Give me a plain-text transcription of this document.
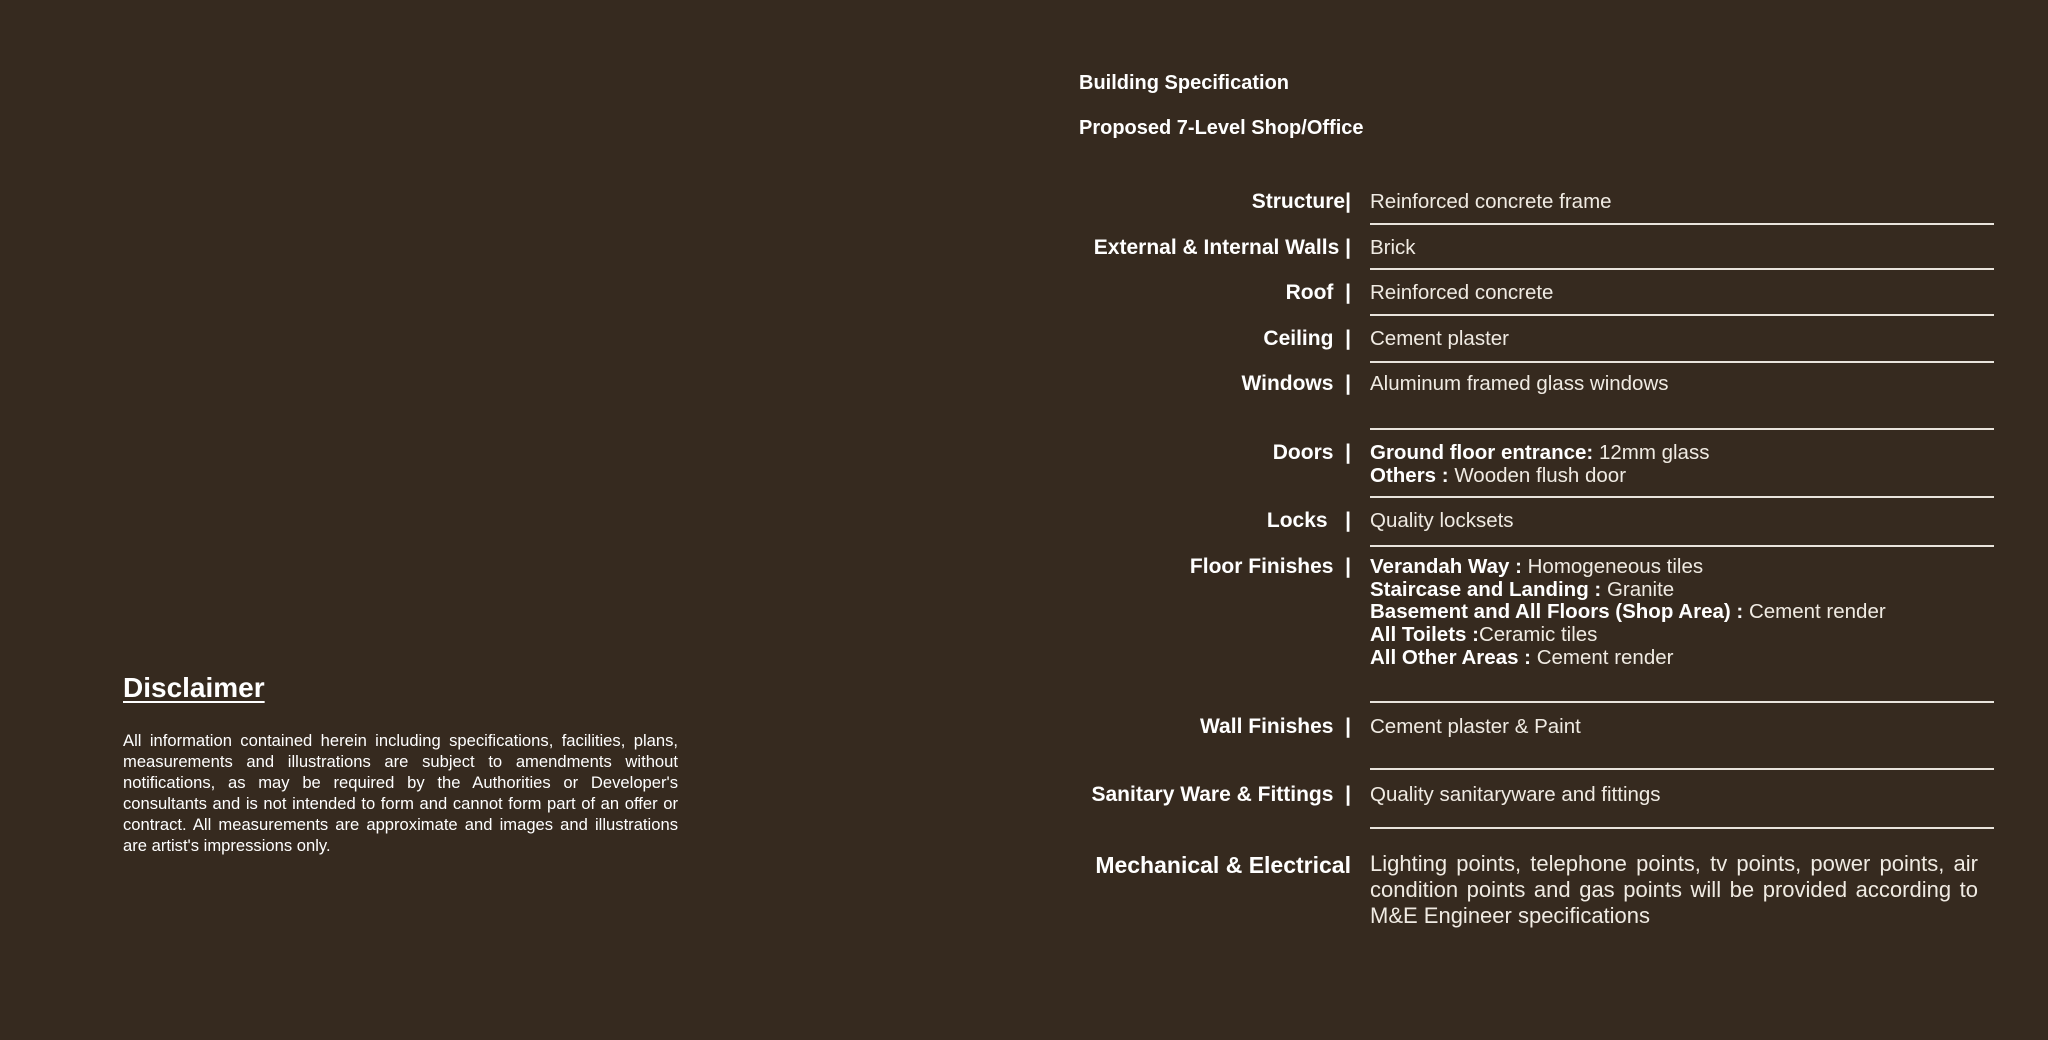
Disclaimer

All information contained herein including specifications, facilities, plans, measurements and illustrations are subject to amendments without notifications, as may be required by the Authorities or Developer's consultants and is not intended to form and cannot form part of an offer or contract. All measurements are approximate and images and illustrations are artist's impressions only.

Building Specification
Proposed 7-Level Shop/Office
Structure| Reinforced concrete frame
External & Internal Walls | Brick
Roof | Reinforced concrete
Ceiling | Cement plaster
Windows | Aluminum framed glass windows
Doors | Ground floor entrance: 12mm glass
Others : Wooden flush door
Locks | Quality locksets
Floor Finishes | Verandah Way : Homogeneous tiles
Staircase and Landing : Granite
Basement and All Floors (Shop Area) : Cement render
All Toilets :Ceramic tiles
All Other Areas : Cement render
Wall Finishes | Cement plaster & Paint
Sanitary Ware & Fittings | Quality sanitaryware and fittings
Mechanical & Electrical Lighting points, telephone points, tv points, power points, air condition points and gas points will be provided according to M&E Engineer specifications
